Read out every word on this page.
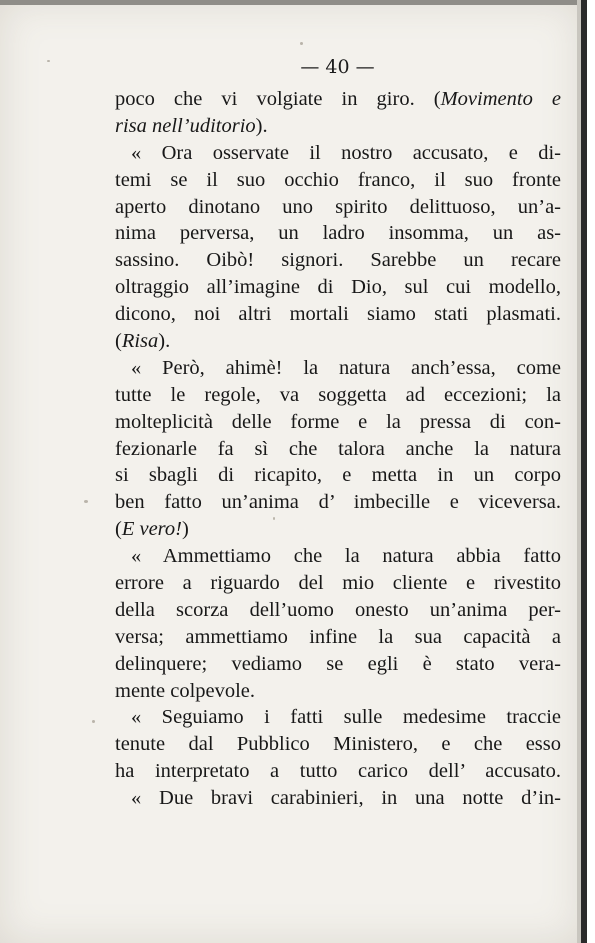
— 40 —
poco che vi volgiate in giro. (Movimento e
risa nell’uditorio).
« Ora osservate il nostro accusato, e di-
temi se il suo occhio franco, il suo fronte
aperto dinotano uno spirito delittuoso, un’a-
nima perversa, un ladro insomma, un as-
sassino. Oibò! signori. Sarebbe un recare
oltraggio all’imagine di Dio, sul cui modello,
dicono, noi altri mortali siamo stati plasmati.
(Risa).
« Però, ahimè! la natura anch’essa, come
tutte le regole, va soggetta ad eccezioni; la
molteplicità delle forme e la pressa di con-
fezionarle fa sì che talora anche la natura
si sbagli di ricapito, e metta in un corpo
ben fatto un’anima d’ imbecille e viceversa.
(E vero!)
« Ammettiamo che la natura abbia fatto
errore a riguardo del mio cliente e rivestito
della scorza dell’uomo onesto un’anima per-
versa; ammettiamo infine la sua capacità a
delinquere; vediamo se egli è stato vera-
mente colpevole.
« Seguiamo i fatti sulle medesime traccie
tenute dal Pubblico Ministero, e che esso
ha interpretato a tutto carico dell’ accusato.
« Due bravi carabinieri, in una notte d’in-
